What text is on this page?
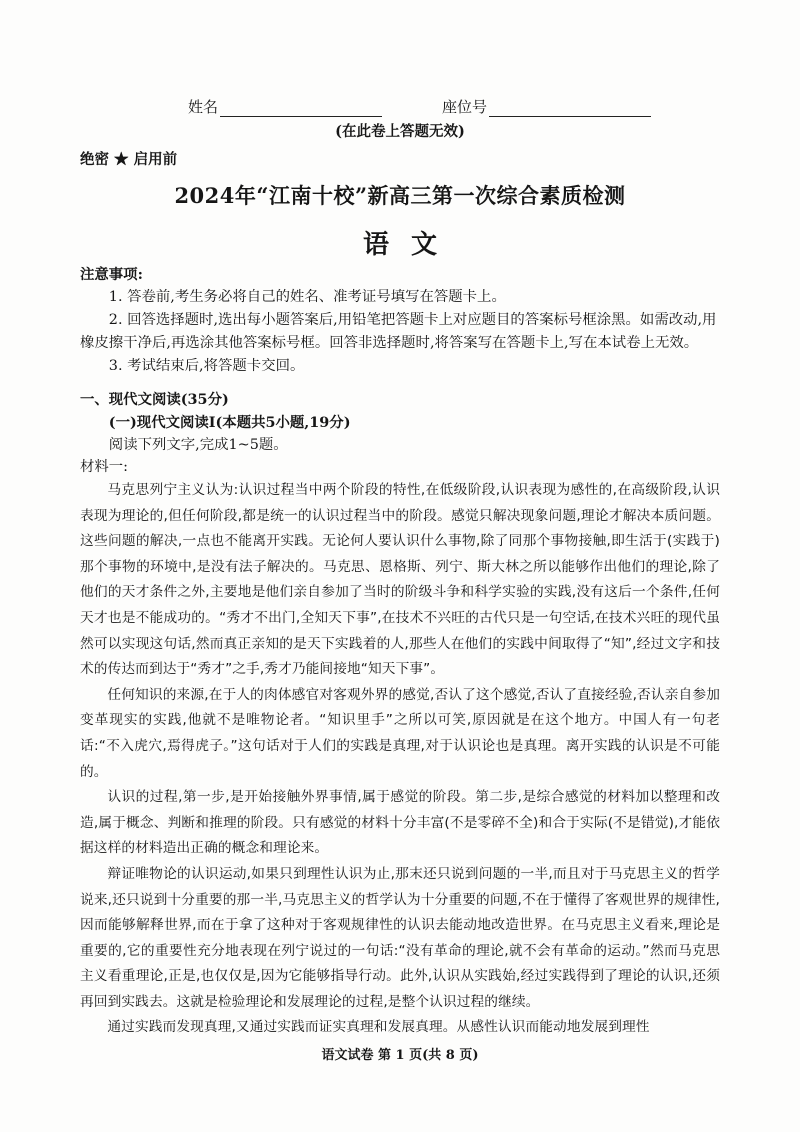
姓名	座位号
(在此卷上答题无效)
绝密 ★ 启用前
2024年“江南十校”新高三第一次综合素质检测
语文

注意事项:

1. 答卷前,考生务必将自己的姓名、准考证号填写在答题卡上。

2. 回答选择题时,选出每小题答案后,用铅笔把答题卡上对应题目的答案标号框涂黑。如需改动,用橡皮擦干净后,再选涂其他答案标号框。回答非选择题时,将答案写在答题卡上,写在本试卷上无效。

3. 考试结束后,将答题卡交回。

一、现代文阅读(35分)

(一)现代文阅读Ⅰ(本题共5小题,19分)

阅读下列文字,完成1~5题。

材料一:

马克思列宁主义认为:认识过程当中两个阶段的特性,在低级阶段,认识表现为感性的,在高级阶段,认识表现为理论的,但任何阶段,都是统一的认识过程当中的阶段。感觉只解决现象问题,理论才解决本质问题。这些问题的解决,一点也不能离开实践。无论何人要认识什么事物,除了同那个事物接触,即生活于(实践于)那个事物的环境中,是没有法子解决的。马克思、恩格斯、列宁、斯大林之所以能够作出他们的理论,除了他们的天才条件之外,主要地是他们亲自参加了当时的阶级斗争和科学实验的实践,没有这后一个条件,任何天才也是不能成功的。“秀才不出门,全知天下事”,在技术不兴旺的古代只是一句空话,在技术兴旺的现代虽然可以实现这句话,然而真正亲知的是天下实践着的人,那些人在他们的实践中间取得了“知”,经过文字和技术的传达而到达于“秀才”之手,秀才乃能间接地“知天下事”。

任何知识的来源,在于人的肉体感官对客观外界的感觉,否认了这个感觉,否认了直接经验,否认亲自参加变革现实的实践,他就不是唯物论者。“知识里手”之所以可笑,原因就是在这个地方。中国人有一句老话:“不入虎穴,焉得虎子。”这句话对于人们的实践是真理,对于认识论也是真理。离开实践的认识是不可能的。

认识的过程,第一步,是开始接触外界事情,属于感觉的阶段。第二步,是综合感觉的材料加以整理和改造,属于概念、判断和推理的阶段。只有感觉的材料十分丰富(不是零碎不全)和合于实际(不是错觉),才能依据这样的材料造出正确的概念和理论来。

辩证唯物论的认识运动,如果只到理性认识为止,那末还只说到问题的一半,而且对于马克思主义的哲学说来,还只说到十分重要的那一半,马克思主义的哲学认为十分重要的问题,不在于懂得了客观世界的规律性,因而能够解释世界,而在于拿了这种对于客观规律性的认识去能动地改造世界。在马克思主义看来,理论是重要的,它的重要性充分地表现在列宁说过的一句话:“没有革命的理论,就不会有革命的运动。”然而马克思主义看重理论,正是,也仅仅是,因为它能够指导行动。此外,认识从实践始,经过实践得到了理论的认识,还须再回到实践去。这就是检验理论和发展理论的过程,是整个认识过程的继续。

通过实践而发现真理,又通过实践而证实真理和发展真理。从感性认识而能动地发展到理性

语文试卷 第 1 页(共 8 页)
